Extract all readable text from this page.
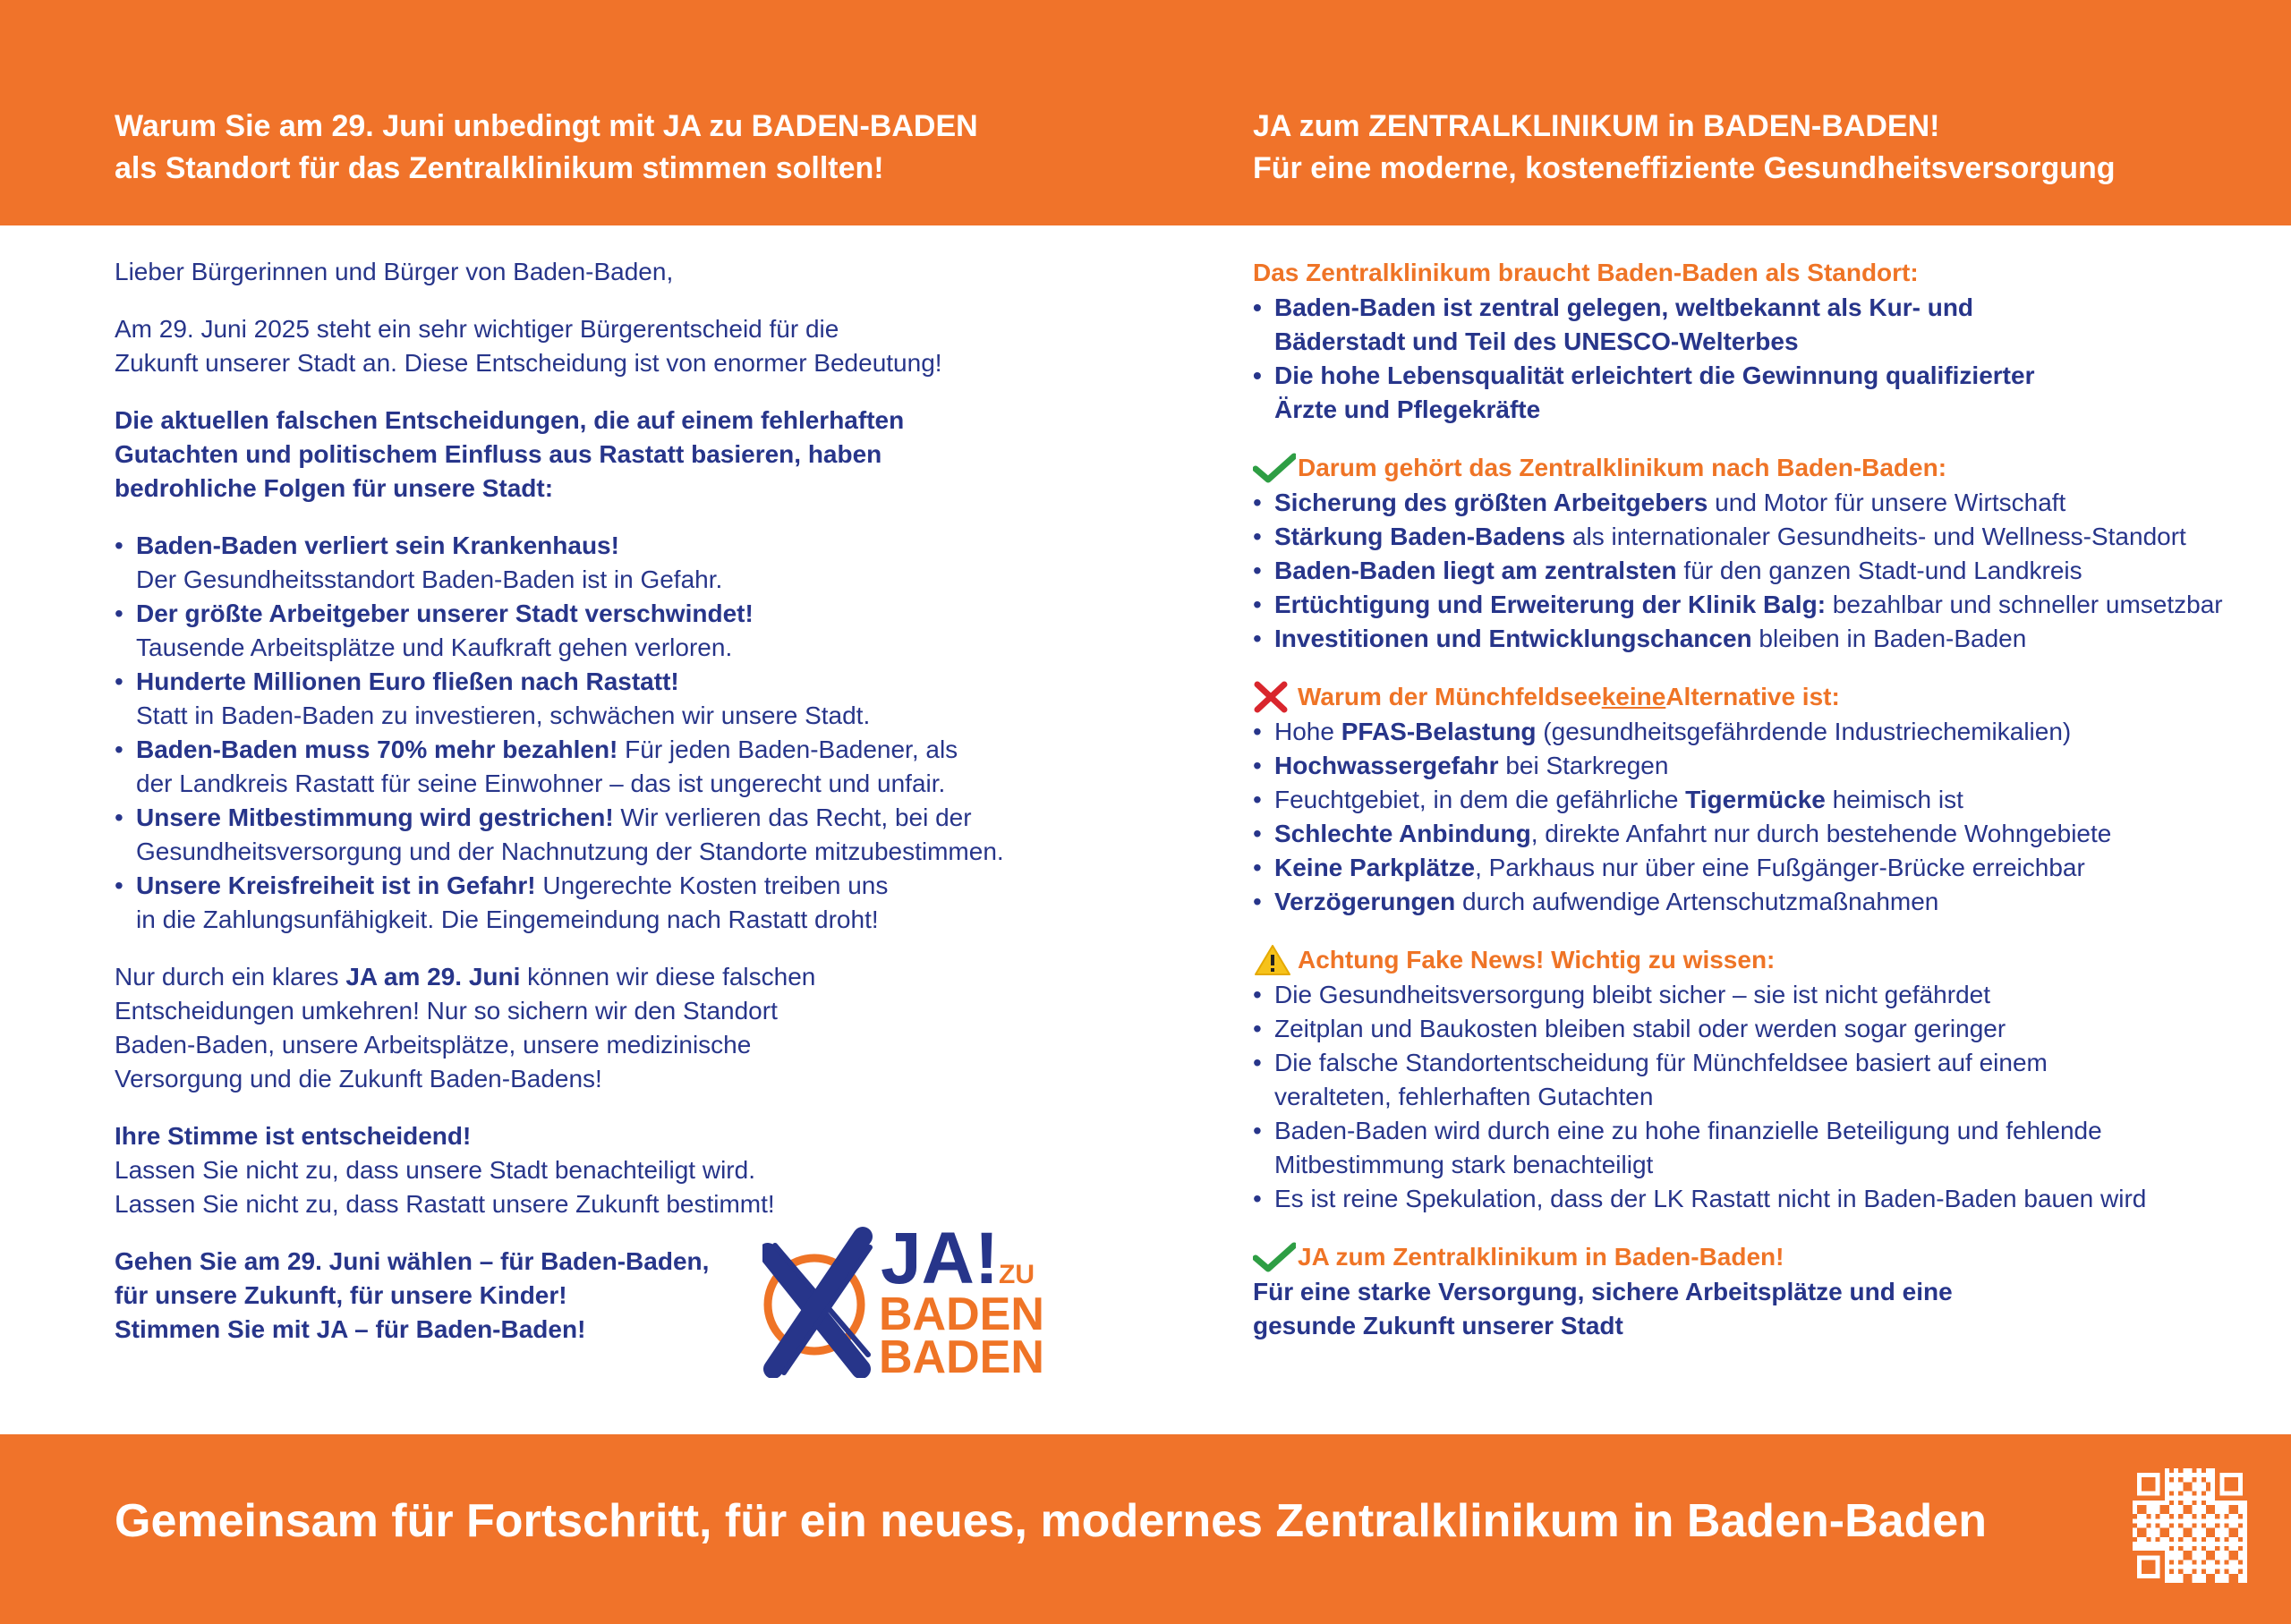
Warum Sie am 29. Juni unbedingt mit JA zu BADEN-BADEN
als Standort für das Zentralklinikum stimmen sollten!
JA zum ZENTRALKLINIKUM in BADEN-BADEN!
Für eine moderne, kosteneffiziente Gesundheitsversorgung

Lieber Bürgerinnen und Bürger von Baden-Baden,

Am 29. Juni 2025 steht ein sehr wichtiger Bürgerentscheid für die

Zukunft unserer Stadt an. Diese Entscheidung ist von enormer Bedeutung!

Die aktuellen falschen Entscheidungen, die auf einem fehlerhaften

Gutachten und politischem Einfluss aus Rastatt basieren, haben

bedrohliche Folgen für unsere Stadt:

• Baden-Baden verliert sein Krankenhaus!
Der Gesundheitsstandort Baden-Baden ist in Gefahr.
• Der größte Arbeitgeber unserer Stadt verschwindet!
Tausende Arbeitsplätze und Kaufkraft gehen verloren.
• Hunderte Millionen Euro fließen nach Rastatt!
Statt in Baden-Baden zu investieren, schwächen wir unsere Stadt.
• Baden-Baden muss 70% mehr bezahlen! Für jeden Baden-Badener, als
der Landkreis Rastatt für seine Einwohner – das ist ungerecht und unfair.
• Unsere Mitbestimmung wird gestrichen! Wir verlieren das Recht, bei der
Gesundheitsversorgung und der Nachnutzung der Standorte mitzubestimmen.
• Unsere Kreisfreiheit ist in Gefahr! Ungerechte Kosten treiben uns
in die Zahlungsunfähigkeit. Die Eingemeindung nach Rastatt droht!

Nur durch ein klares JA am 29. Juni können wir diese falschen

Entscheidungen umkehren! Nur so sichern wir den Standort

Baden-Baden, unsere Arbeitsplätze, unsere medizinische

Versorgung und die Zukunft Baden-Badens!

Ihre Stimme ist entscheidend!

Lassen Sie nicht zu, dass unsere Stadt benachteiligt wird.

Lassen Sie nicht zu, dass Rastatt unsere Zukunft bestimmt!

Gehen Sie am 29. Juni wählen – für Baden-Baden,

für unsere Zukunft, für unsere Kinder!

Stimmen Sie mit JA – für Baden-Baden!

JA! ZU
BADEN
BADEN
Das Zentralklinikum braucht Baden-Baden als Standort:
• Baden-Baden ist zentral gelegen, weltbekannt als Kur- und
Bäderstadt und Teil des UNESCO-Welterbes
• Die hohe Lebensqualität erleichtert die Gewinnung qualifizierter
Ärzte und Pflegekräfte
Darum gehört das Zentralklinikum nach Baden-Baden:
• Sicherung des größten Arbeitgebers und Motor für unsere Wirtschaft
• Stärkung Baden-Badens als internationaler Gesundheits- und Wellness-Standort
• Baden-Baden liegt am zentralsten für den ganzen Stadt-und Landkreis
• Ertüchtigung und Erweiterung der Klinik Balg: bezahlbar und schneller umsetzbar
• Investitionen und Entwicklungschancen bleiben in Baden-Baden
Warum der Münchfeldsee keine Alternative ist:
• Hohe PFAS-Belastung (gesundheitsgefährdende Industriechemikalien)
• Hochwassergefahr bei Starkregen
• Feuchtgebiet, in dem die gefährliche Tigermücke heimisch ist
• Schlechte Anbindung, direkte Anfahrt nur durch bestehende Wohngebiete
• Keine Parkplätze, Parkhaus nur über eine Fußgänger-Brücke erreichbar
• Verzögerungen durch aufwendige Artenschutzmaßnahmen
Achtung Fake News! Wichtig zu wissen:
• Die Gesundheitsversorgung bleibt sicher – sie ist nicht gefährdet
• Zeitplan und Baukosten bleiben stabil oder werden sogar geringer
• Die falsche Standortentscheidung für Münchfeldsee basiert auf einem
veralteten, fehlerhaften Gutachten
• Baden-Baden wird durch eine zu hohe finanzielle Beteiligung und fehlende
Mitbestimmung stark benachteiligt
• Es ist reine Spekulation, dass der LK Rastatt nicht in Baden-Baden bauen wird
JA zum Zentralklinikum in Baden-Baden!

Für eine starke Versorgung, sichere Arbeitsplätze und eine

gesunde Zukunft unserer Stadt

Gemeinsam für Fortschritt, für ein neues, modernes Zentralklinikum in Baden-Baden
